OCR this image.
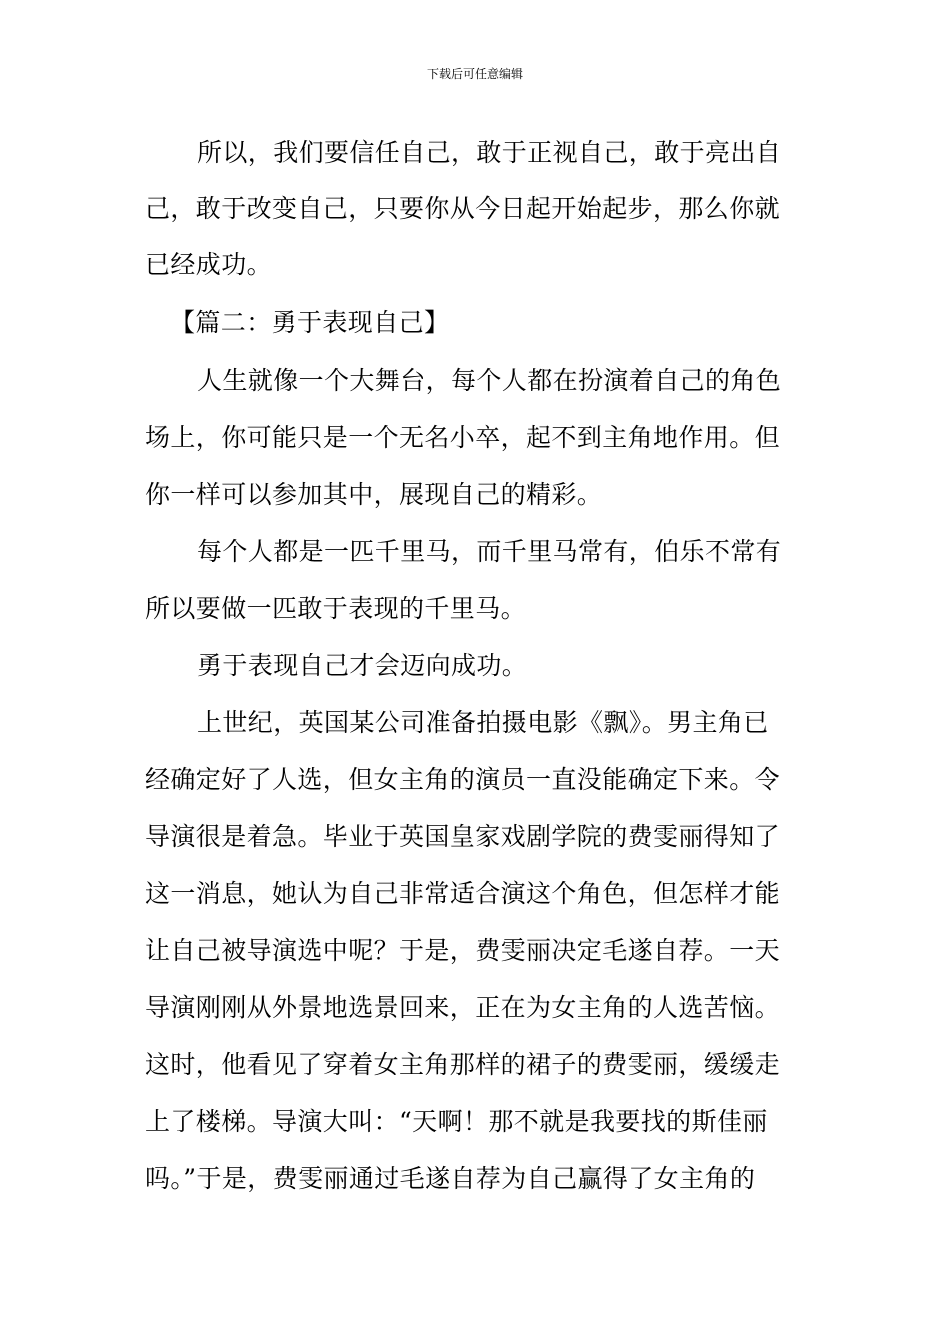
下载后可任意编辑
所以，我们要信任自己，敢于正视自己，敢于亮出自
己，敢于改变自己，只要你从今日起开始起步，那么你就
已经成功。
【篇二：勇于表现自己】
人生就像一个大舞台，每个人都在扮演着自己的角色
场上，你可能只是一个无名小卒，起不到主角地作用。但
你一样可以参加其中，展现自己的精彩。
每个人都是一匹千里马，而千里马常有，伯乐不常有
所以要做一匹敢于表现的千里马。
勇于表现自己才会迈向成功。
上世纪，英国某公司准备拍摄电影《飘》。男主角已
经确定好了人选，但女主角的演员一直没能确定下来。令
导演很是着急。毕业于英国皇家戏剧学院的费雯丽得知了
这一消息，她认为自己非常适合演这个角色，但怎样才能
让自己被导演选中呢？于是，费雯丽决定毛遂自荐。一天
导演刚刚从外景地选景回来，正在为女主角的人选苦恼。
这时，他看见了穿着女主角那样的裙子的费雯丽，缓缓走
上了楼梯。导演大叫：“天啊！那不就是我要找的斯佳丽
吗。”于是，费雯丽通过毛遂自荐为自己赢得了女主角的
